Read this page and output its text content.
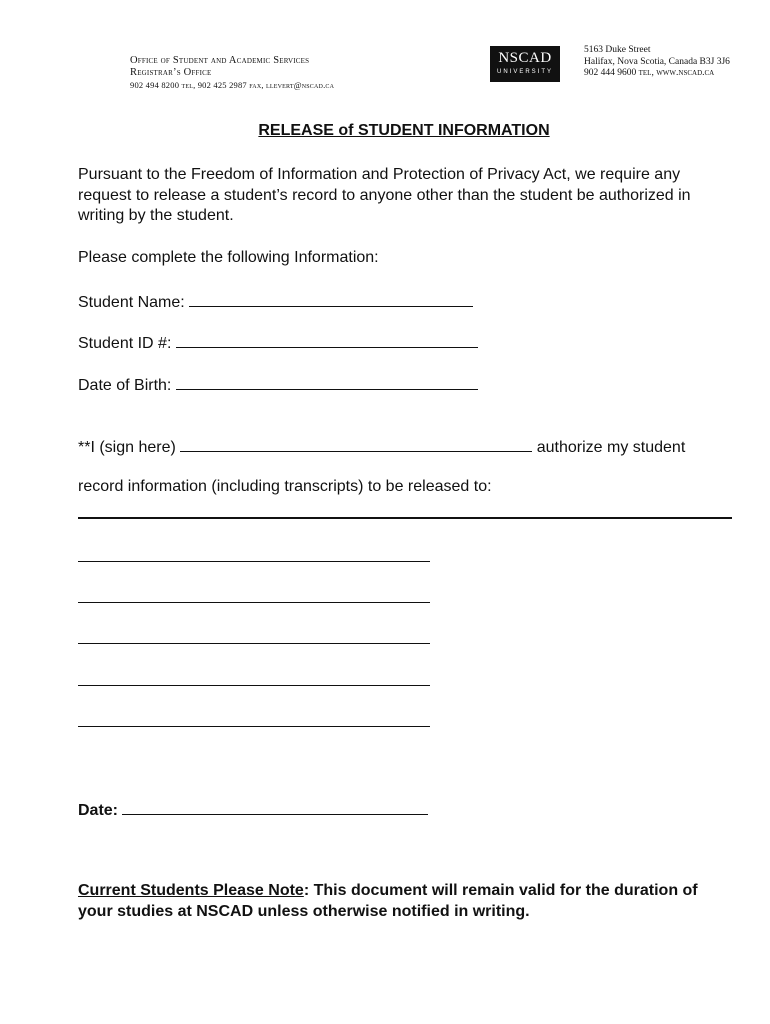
Office of Student and Academic Services
Registrar’s Office
902 494 8200 tel, 902 425 2987 fax, llevert@nscad.ca
NSCAD
UNIVERSITY
5163 Duke Street
Halifax, Nova Scotia, Canada B3J 3J6
902 444 9600 tel, www.nscad.ca
RELEASE of STUDENT INFORMATION
Pursuant to the Freedom of Information and Protection of Privacy Act, we require any request to release a student’s record to anyone other than the student be authorized in writing by the student.
Please complete the following Information:
Student Name:
Student ID #:
Date of Birth:
**I (sign here)	authorize my student
record information (including transcripts) to be released to:
Date:
Current Students Please Note: This document will remain valid for the duration of your studies at NSCAD unless otherwise notified in writing.
